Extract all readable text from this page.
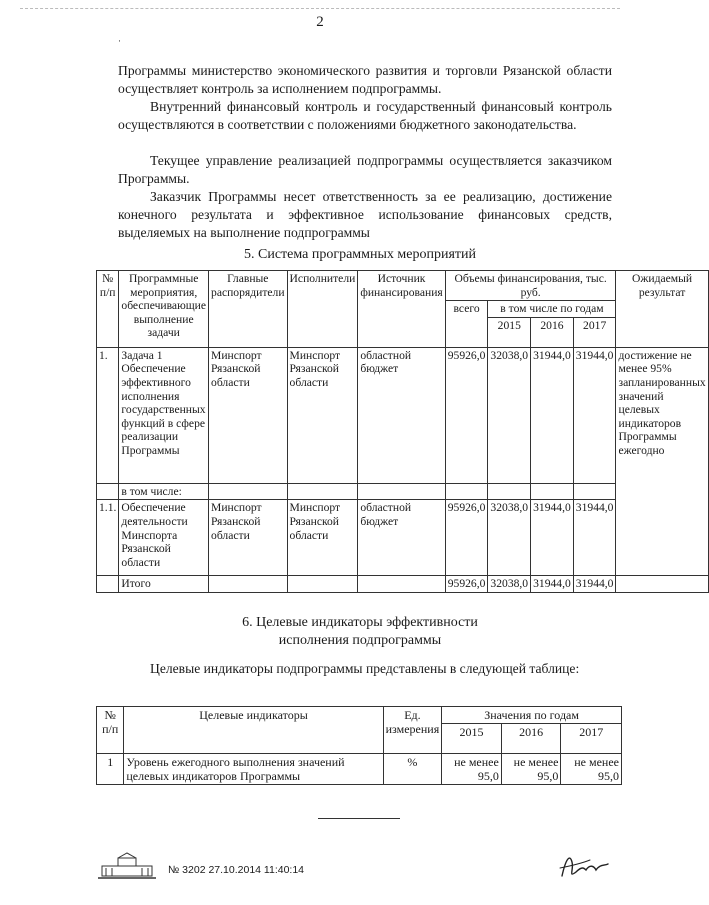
2
·

Программы министерство экономического развития и торговли Рязанской области осуществляет контроль за исполнением подпрограммы.

Внутренний финансовый контроль и государственный финансовый контроль осуществляются в соответствии с положениями бюджетного законодательства.

Текущее управление реализацией подпрограммы осуществляется заказчиком Программы.

Заказчик Программы несет ответственность за ее реализацию, достижение конечного результата и эффективное использование финансовых средств, выделяемых на выполнение подпрограммы

5. Система программных мероприятий

№ п/п	Программные мероприятия, обеспечивающие выполнение задачи	Главные распорядители	Исполнители	Источник финансирования	Объемы финансирования, тыс. руб.				Ожидаемый результат
					всего	в том числе по годам			
						2015	2016	2017	
1.	Задача 1 Обеспечение эффективного исполнения государственных функций в сфере реализации Программы	Минспорт Рязанской области	Минспорт Рязанской области	областной бюджет	95926,0	32038,0	31944,0	31944,0	достижение не менее 95% запланированных значений целевых индикаторов Программы ежегодно
	в том числе:								
1.1.	Обеспечение деятельности Минспорта Рязанской области	Минспорт Рязанской области	Минспорт Рязанской области	областной бюджет	95926,0	32038,0	31944,0	31944,0	
	Итого				95926,0	32038,0	31944,0	31944,0	

6. Целевые индикаторы эффективности

исполнения подпрограммы

Целевые индикаторы подпрограммы представлены в следующей таблице:

№ п/п	Целевые индикаторы	Ед. измерения	Значения по годам		
			2015	2016	2017
1	Уровень ежегодного выполнения значений целевых индикаторов Программы	%	не менее 95,0	не менее 95,0	не менее 95,0
№ 3202 27.10.2014 11:40:14
